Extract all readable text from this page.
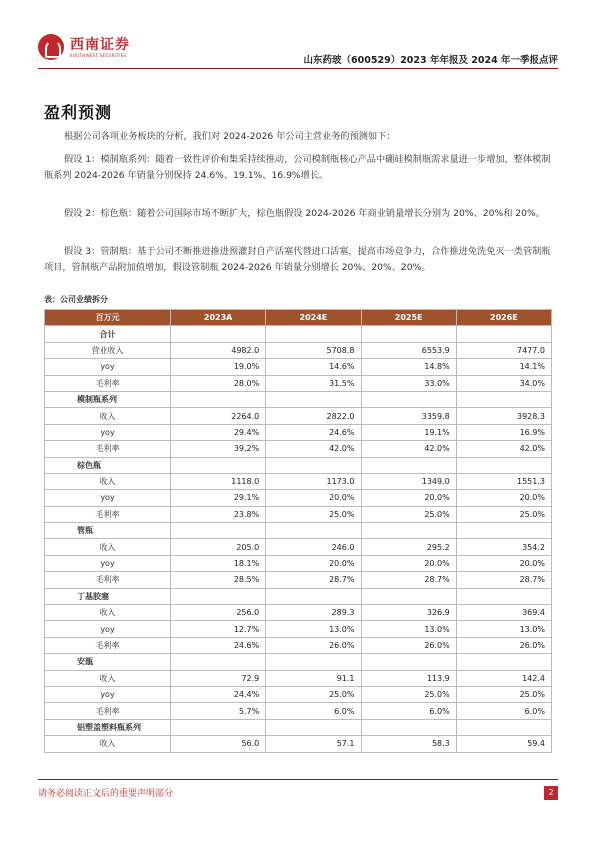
西南证券
SOUTHWEST SECURITIES	山东药玻（600529）2023 年年报及 2024 年一季报点评
盈利预测
根据公司各项业务板块的分析，我们对 2024-2026 年公司主营业务的预测如下：
假设 1：模制瓶系列：随着一致性评价和集采持续推动，公司模制瓶核心产品中硼硅模制瓶需求量进一步增加，整体模制瓶系列 2024-2026 年销量分别保持 24.6%、19.1%、16.9%增长。
假设 2：棕色瓶：随着公司国际市场不断扩大，棕色瓶假设 2024-2026 年商业销量增长分别为 20%、20%和 20%。
假设 3：管制瓶：基于公司不断推进推进预灌封自产活塞代替进口活塞，提高市场竞争力，合作推进免洗免灭一类管制瓶项目，管制瓶产品附加值增加，假设管制瓶 2024-2026 年销量分别增长 20%、20%、20%。
表：公司业绩拆分
百万元	2023A	2024E	2025E	2026E
合计				
营业收入	4982.0	5708.8	6553.9	7477.0
yoy	19.0%	14.6%	14.8%	14.1%
毛利率	28.0%	31.5%	33.0%	34.0%
模制瓶系列				
收入	2264.0	2822.0	3359.8	3928.3
yoy	29.4%	24.6%	19.1%	16.9%
毛利率	39.2%	42.0%	42.0%	42.0%
棕色瓶				
收入	1118.0	1173.0	1349.0	1551.3
yoy	29.1%	20.0%	20.0%	20.0%
毛利率	23.8%	25.0%	25.0%	25.0%
管瓶				
收入	205.0	246.0	295.2	354.2
yoy	18.1%	20.0%	20.0%	20.0%
毛利率	28.5%	28.7%	28.7%	28.7%
丁基胶塞				
收入	256.0	289.3	326.9	369.4
yoy	12.7%	13.0%	13.0%	13.0%
毛利率	24.6%	26.0%	26.0%	26.0%
安瓿				
收入	72.9	91.1	113.9	142.4
yoy	24.4%	25.0%	25.0%	25.0%
毛利率	5.7%	6.0%	6.0%	6.0%
铝塑盖塑料瓶系列				
收入	56.0	57.1	58.3	59.4
请务必阅读正文后的重要声明部分	2
